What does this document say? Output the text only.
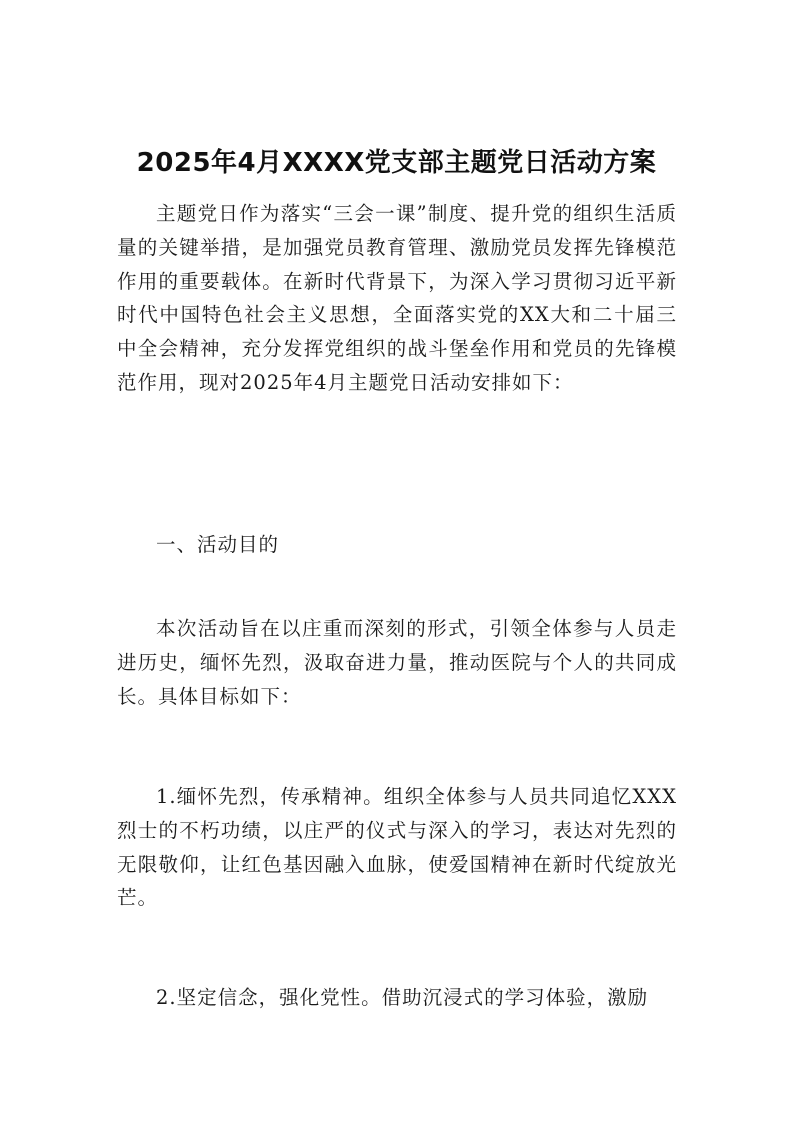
2025年4月XXXX党支部主题党日活动方案

主题党日作为落实“三会一课”制度、提升党的组织生活质量的关键举措，是加强党员教育管理、激励党员发挥先锋模范作用的重要载体。在新时代背景下，为深入学习贯彻习近平新时代中国特色社会主义思想，全面落实党的XX大和二十届三中全会精神，充分发挥党组织的战斗堡垒作用和党员的先锋模范作用，现对2025年4月主题党日活动安排如下：

一、活动目的

本次活动旨在以庄重而深刻的形式，引领全体参与人员走进历史，缅怀先烈，汲取奋进力量，推动医院与个人的共同成长。具体目标如下：

1.缅怀先烈，传承精神。组织全体参与人员共同追忆XXX烈士的不朽功绩，以庄严的仪式与深入的学习，表达对先烈的无限敬仰，让红色基因融入血脉，使爱国精神在新时代绽放光芒。

2.坚定信念，强化党性。借助沉浸式的学习体验，激励
